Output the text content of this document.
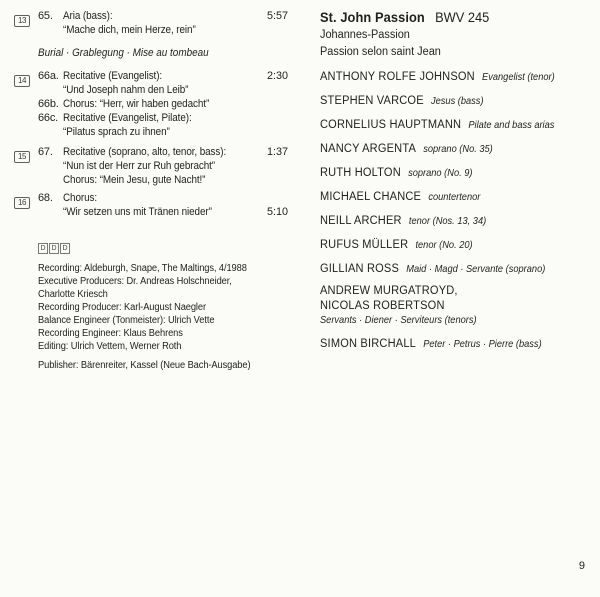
13	65.	5:57
Aria (bass):
“Mache dich, mein Herze, rein”
Burial · Grablegung · Mise au tombeau
14	66a.	2:30
Recitative (Evangelist):
“Und Joseph nahm den Leib”
66b. Chorus: “Herr, wir haben gedacht”
66c. Recitative (Evangelist, Pilate):
“Pilatus sprach zu ihnen”
15	67.	1:37
Recitative (soprano, alto, tenor, bass):
“Nun ist der Herr zur Ruh gebracht”
Chorus: “Mein Jesu, gute Nacht!”
16	68.
5:10
Chorus:
“Wir setzen uns mit Tränen nieder”
D D D
Recording: Aldeburgh, Snape, The Maltings, 4/1988
Executive Producers: Dr. Andreas Holschneider,
Charlotte Kriesch
Recording Producer: Karl-August Naegler
Balance Engineer (Tonmeister): Ulrich Vette
Recording Engineer: Klaus Behrens
Editing: Ulrich Vettem, Werner Roth
Publisher: Bärenreiter, Kassel (Neue Bach-Ausgabe)
St. John Passion BWV 245
Johannes-Passion
Passion selon saint Jean
ANTHONY ROLFE JOHNSON Evangelist (tenor)
STEPHEN VARCOE Jesus (bass)
CORNELIUS HAUPTMANN Pilate and bass arias
NANCY ARGENTA soprano (No. 35)
RUTH HOLTON soprano (No. 9)
MICHAEL CHANCE countertenor
NEILL ARCHER tenor (Nos. 13, 34)
RUFUS MÜLLER tenor (No. 20)
GILLIAN ROSS Maid · Magd · Servante (soprano)
ANDREW MURGATROYD,
NICOLAS ROBERTSON
Servants · Diener · Serviteurs (tenors)
SIMON BIRCHALL Peter · Petrus · Pierre (bass)
9
